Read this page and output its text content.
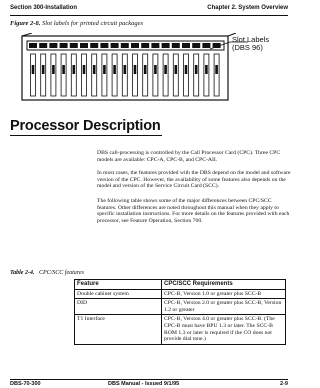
Section 300-Installation	Chapter 2. System Overview
Figure 2-8. Slot labels for printed circuit packages
Slot Labels
(DBS 96)
Processor Description
DBS call-processing is controlled by the Call Processor Card (CPC). Three CPC models are available: CPC-A, CPC-B, and CPC-AII.
In most cases, the features provided with the DBS depend on the model and software version of the CPC. However, the availability of some features also depends on the model and version of the Service Circuit Card (SCC).
The following table shows some of the major differences between CPC/SCC features. Other differences are noted throughout this manual when they apply to specific installation instructions. For more details on the features provided with each processor, see Feature Operation, Section 700.
Table 2-4. CPC/SCC features
Feature	CPC/SCC Requirements
Double cabinet system	CPC-B, Version 1.0 or greater plus SCC-B
DID	CPC-B, Version 2.0 or greater plus SCC-B, Version 1.2 or greater
T1 Interface	CPC-B, Version 4.0 or greater plus SCC-B. (The CPC-B must have BPU 1.3 or later. The SCC-B ROM 1.3 or later is required if the CO does not provide dial tone.)
DBS-70-300	DBS Manual - Issued 9/1/95	2-9
